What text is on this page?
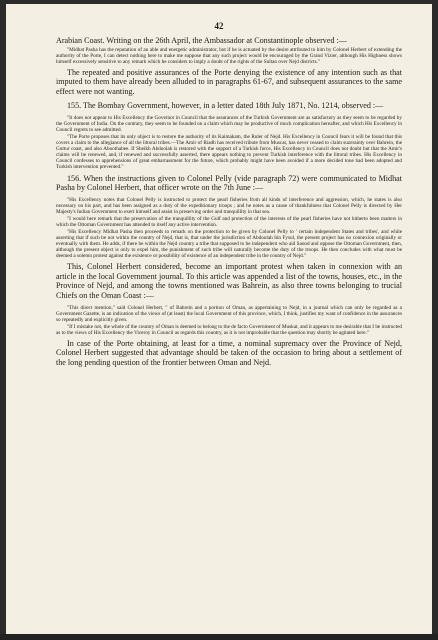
42

Arabian Coast. Writing on the 26th April, the Ambassador at Constantinople observed :—

"Midhat Pasha has the reputation of an able and energetic administrator, but if he is actuated by the desire attributed to him by Colonel Herbert of extending the authority of the Porte, I can detect nothing here to make me suppose that any such project would be encouraged by the Grand Vizier, although His Highness shows himself excessively sensitive to any remark which he considers to imply a doubt of the rights of the Sultan over Nejd districts."

The repeated and positive assurances of the Porte denying the existence of any intention such as that imputed to them have already been alluded to in paragraphs 61-67, and subsequent assurances to the same effect were not wanting.

155. The Bombay Government, however, in a letter dated 18th July 1871, No. 1214, observed :—

"It does not appear to His Excellency the Governor in Council that the assurances of the Turkish Government are as satisfactory as they seem to be regarded by the Government of India. On the contrary, they seem to be founded on a claim which may be productive of much complication hereafter, and which His Excellency in Council regrets to see admitted.

"The Porte proposes that its only object is to restore the authority of its Kaimakam, the Ruler of Nejd. His Excellency in Council fears it will be found that this covers a claim to the allegiance of all the littoral tribes.—The Amir of Riadh has received tribute from Muscat, has never ceased to claim suzerainty over Bahrein, the Guttur coast, and also Aboothabee. If Sheikh Abdoolah is restored with the support of a Turkish force, His Excellency in Council does not doubt but that the Amir's claims will be renewed, and, if renewed and successfully asserted, there appears nothing to prevent Turkish interference with the littoral tribes. His Excellency in Council confesses to apprehensions of great embarrassment for the future, which probably might have been avoided if a more decided tone had been adopted and Turkish intervention prevented."

156. When the instructions given to Colonel Pelly (vide paragraph 72) were communicated to Midhat Pasha by Colonel Herbert, that officer wrote on the 7th June :—

"His Excellency notes that Colonel Pelly is instructed to protect the pearl fisheries from all kinds of interference and aggression, which, he states is also necessary on his part, and has been assigned as a duty of the expeditionary troops ; and he notes as a cause of thankfulness that Colonel Pelly is directed by Her Majesty's Indian Government to exert himself and assist in preserving order and tranquillity in that sea.

"I would here remark that the preservation of the tranquillity of the Gulf and protection of the interests of the pearl fisheries have not hitherto been matters in which the Ottoman Government has attended to itself any active intervention.

"His Excellency Midhat Pasha then proceeds to remark on the protection to be given by Colonel Pelly to ' certain independent States and tribes', and while asserting that if such be not within the country of Nejd, that is, that under the jurisdiction of Abdoolah bin Fysul, the present project has no connexion originally or eventually with them. He adds, if there be within the Nejd country a tribe that supposed to be independent who aid Saood and oppose the Ottoman Government, then, although the present object is only to expel him, the punishment of such tribe will naturally become the duty of the troops. He then concludes with what must be deemed a solemn protest against the existence or possibility of existence of an independent tribe in the country of Nejd."

This, Colonel Herbert considered, become an important protest when taken in connexion with an article in the local Government journal. To this article was appended a list of the towns, houses, etc., in the Province of Nejd, and among the towns mentioned was Bahrein, as also three towns belonging to trucial Chiefs on the Oman Coast :—

"This direct mention," said Colonel Herbert, " of Bahrein and a portion of Oman, as appertaining to Nejd, in a journal which can only be regarded as a Government Gazette, is an indication of the views of (at least) the local Government of this province, which, I think, justifies my want of confidence in the assurances so repeatedly and explicitly given.

"If I mistake not, the whole of the country of Oman is deemed to belong to the de facto Government of Muskat, and it appears to me desirable that I be instructed as to the views of His Excellency the Viceroy in Council as regards this country, as it is not improbable that the question may shortly be agitated here."

In case of the Porte obtaining, at least for a time, a nominal supremacy over the Province of Nejd, Colonel Herbert suggested that advantage should be taken of the occasion to bring about a settlement of the long pending question of the frontier between Oman and Nejd.
